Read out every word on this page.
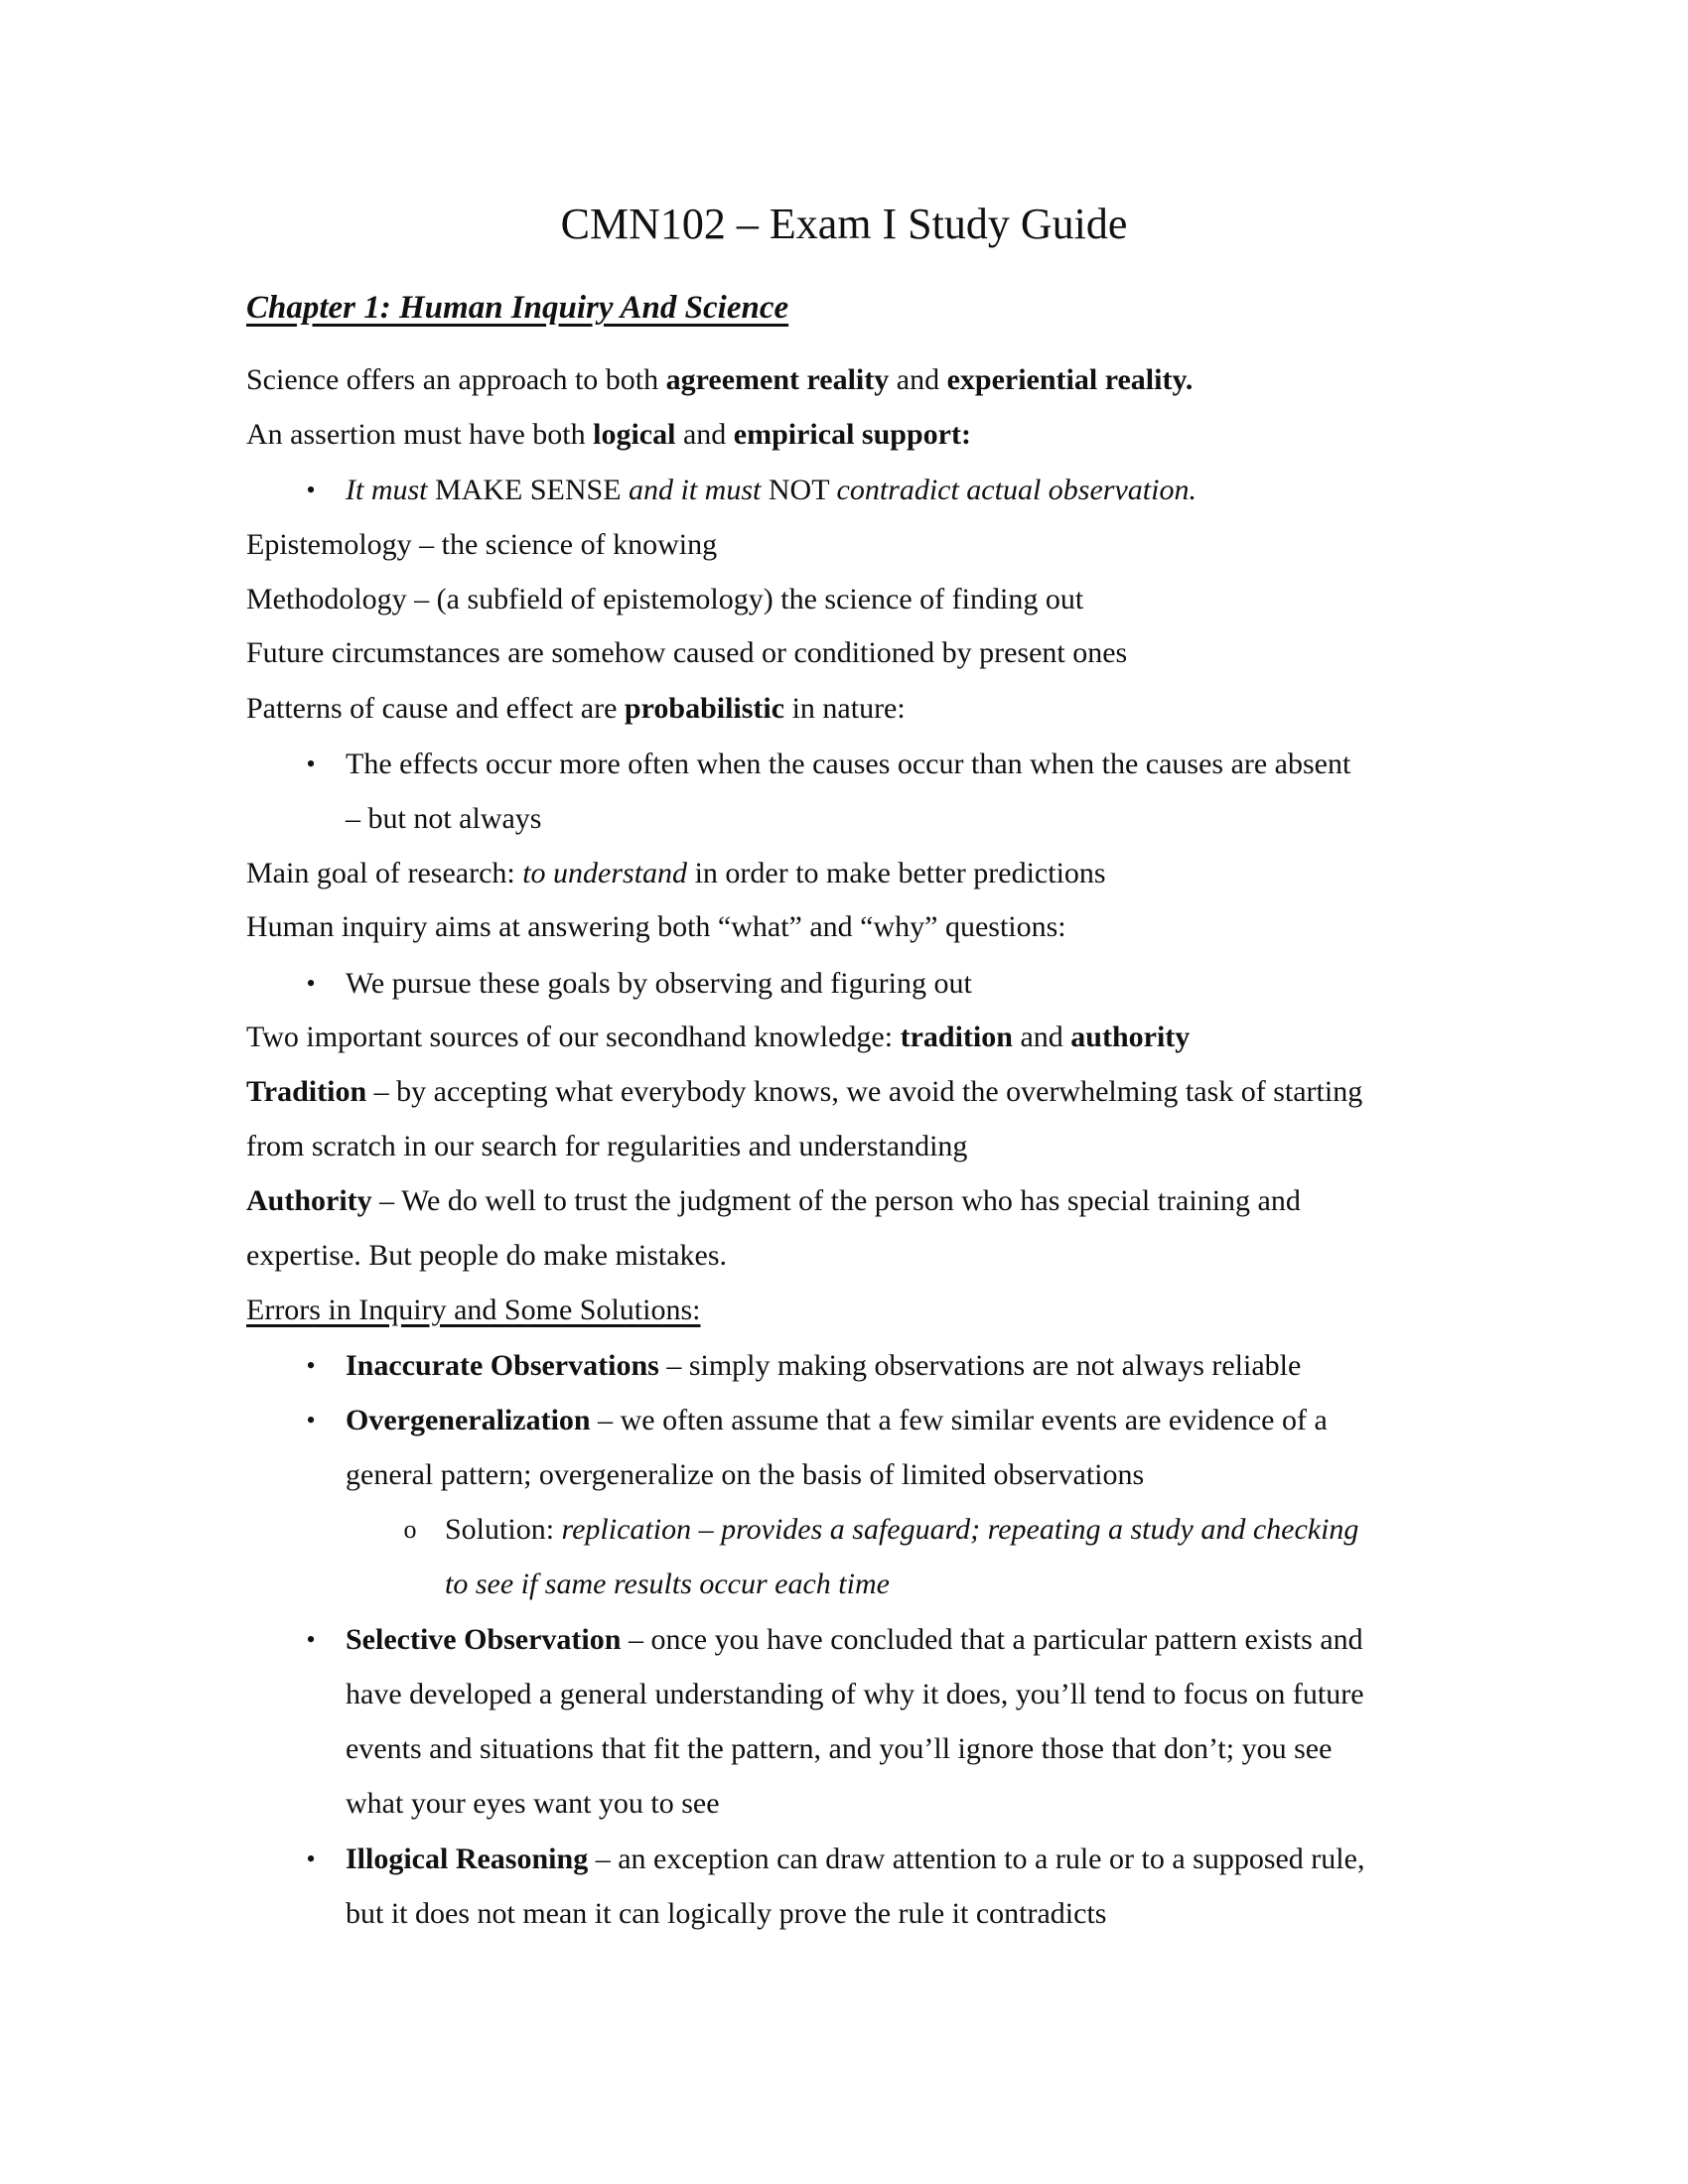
CMN102 – Exam I Study Guide
Chapter 1: Human Inquiry And Science
Science offers an approach to both agreement reality and experiential reality.
An assertion must have both logical and empirical support:
•	It must MAKE SENSE and it must NOT contradict actual observation.
Epistemology – the science of knowing
Methodology – (a subfield of epistemology) the science of finding out
Future circumstances are somehow caused or conditioned by present ones
Patterns of cause and effect are probabilistic in nature:
•	The effects occur more often when the causes occur than when the causes are absent
– but not always
Main goal of research: to understand in order to make better predictions
Human inquiry aims at answering both “what” and “why” questions:
•	We pursue these goals by observing and figuring out
Two important sources of our secondhand knowledge: tradition and authority
Tradition – by accepting what everybody knows, we avoid the overwhelming task of starting
from scratch in our search for regularities and understanding
Authority – We do well to trust the judgment of the person who has special training and
expertise. But people do make mistakes.
Errors in Inquiry and Some Solutions:
•	Inaccurate Observations – simply making observations are not always reliable
•	Overgeneralization – we often assume that a few similar events are evidence of a
general pattern; overgeneralize on the basis of limited observations
o Solution: replication – provides a safeguard; repeating a study and checking
to see if same results occur each time
•	Selective Observation – once you have concluded that a particular pattern exists and
have developed a general understanding of why it does, you’ll tend to focus on future
events and situations that fit the pattern, and you’ll ignore those that don’t; you see
what your eyes want you to see
•	Illogical Reasoning – an exception can draw attention to a rule or to a supposed rule,
but it does not mean it can logically prove the rule it contradicts
